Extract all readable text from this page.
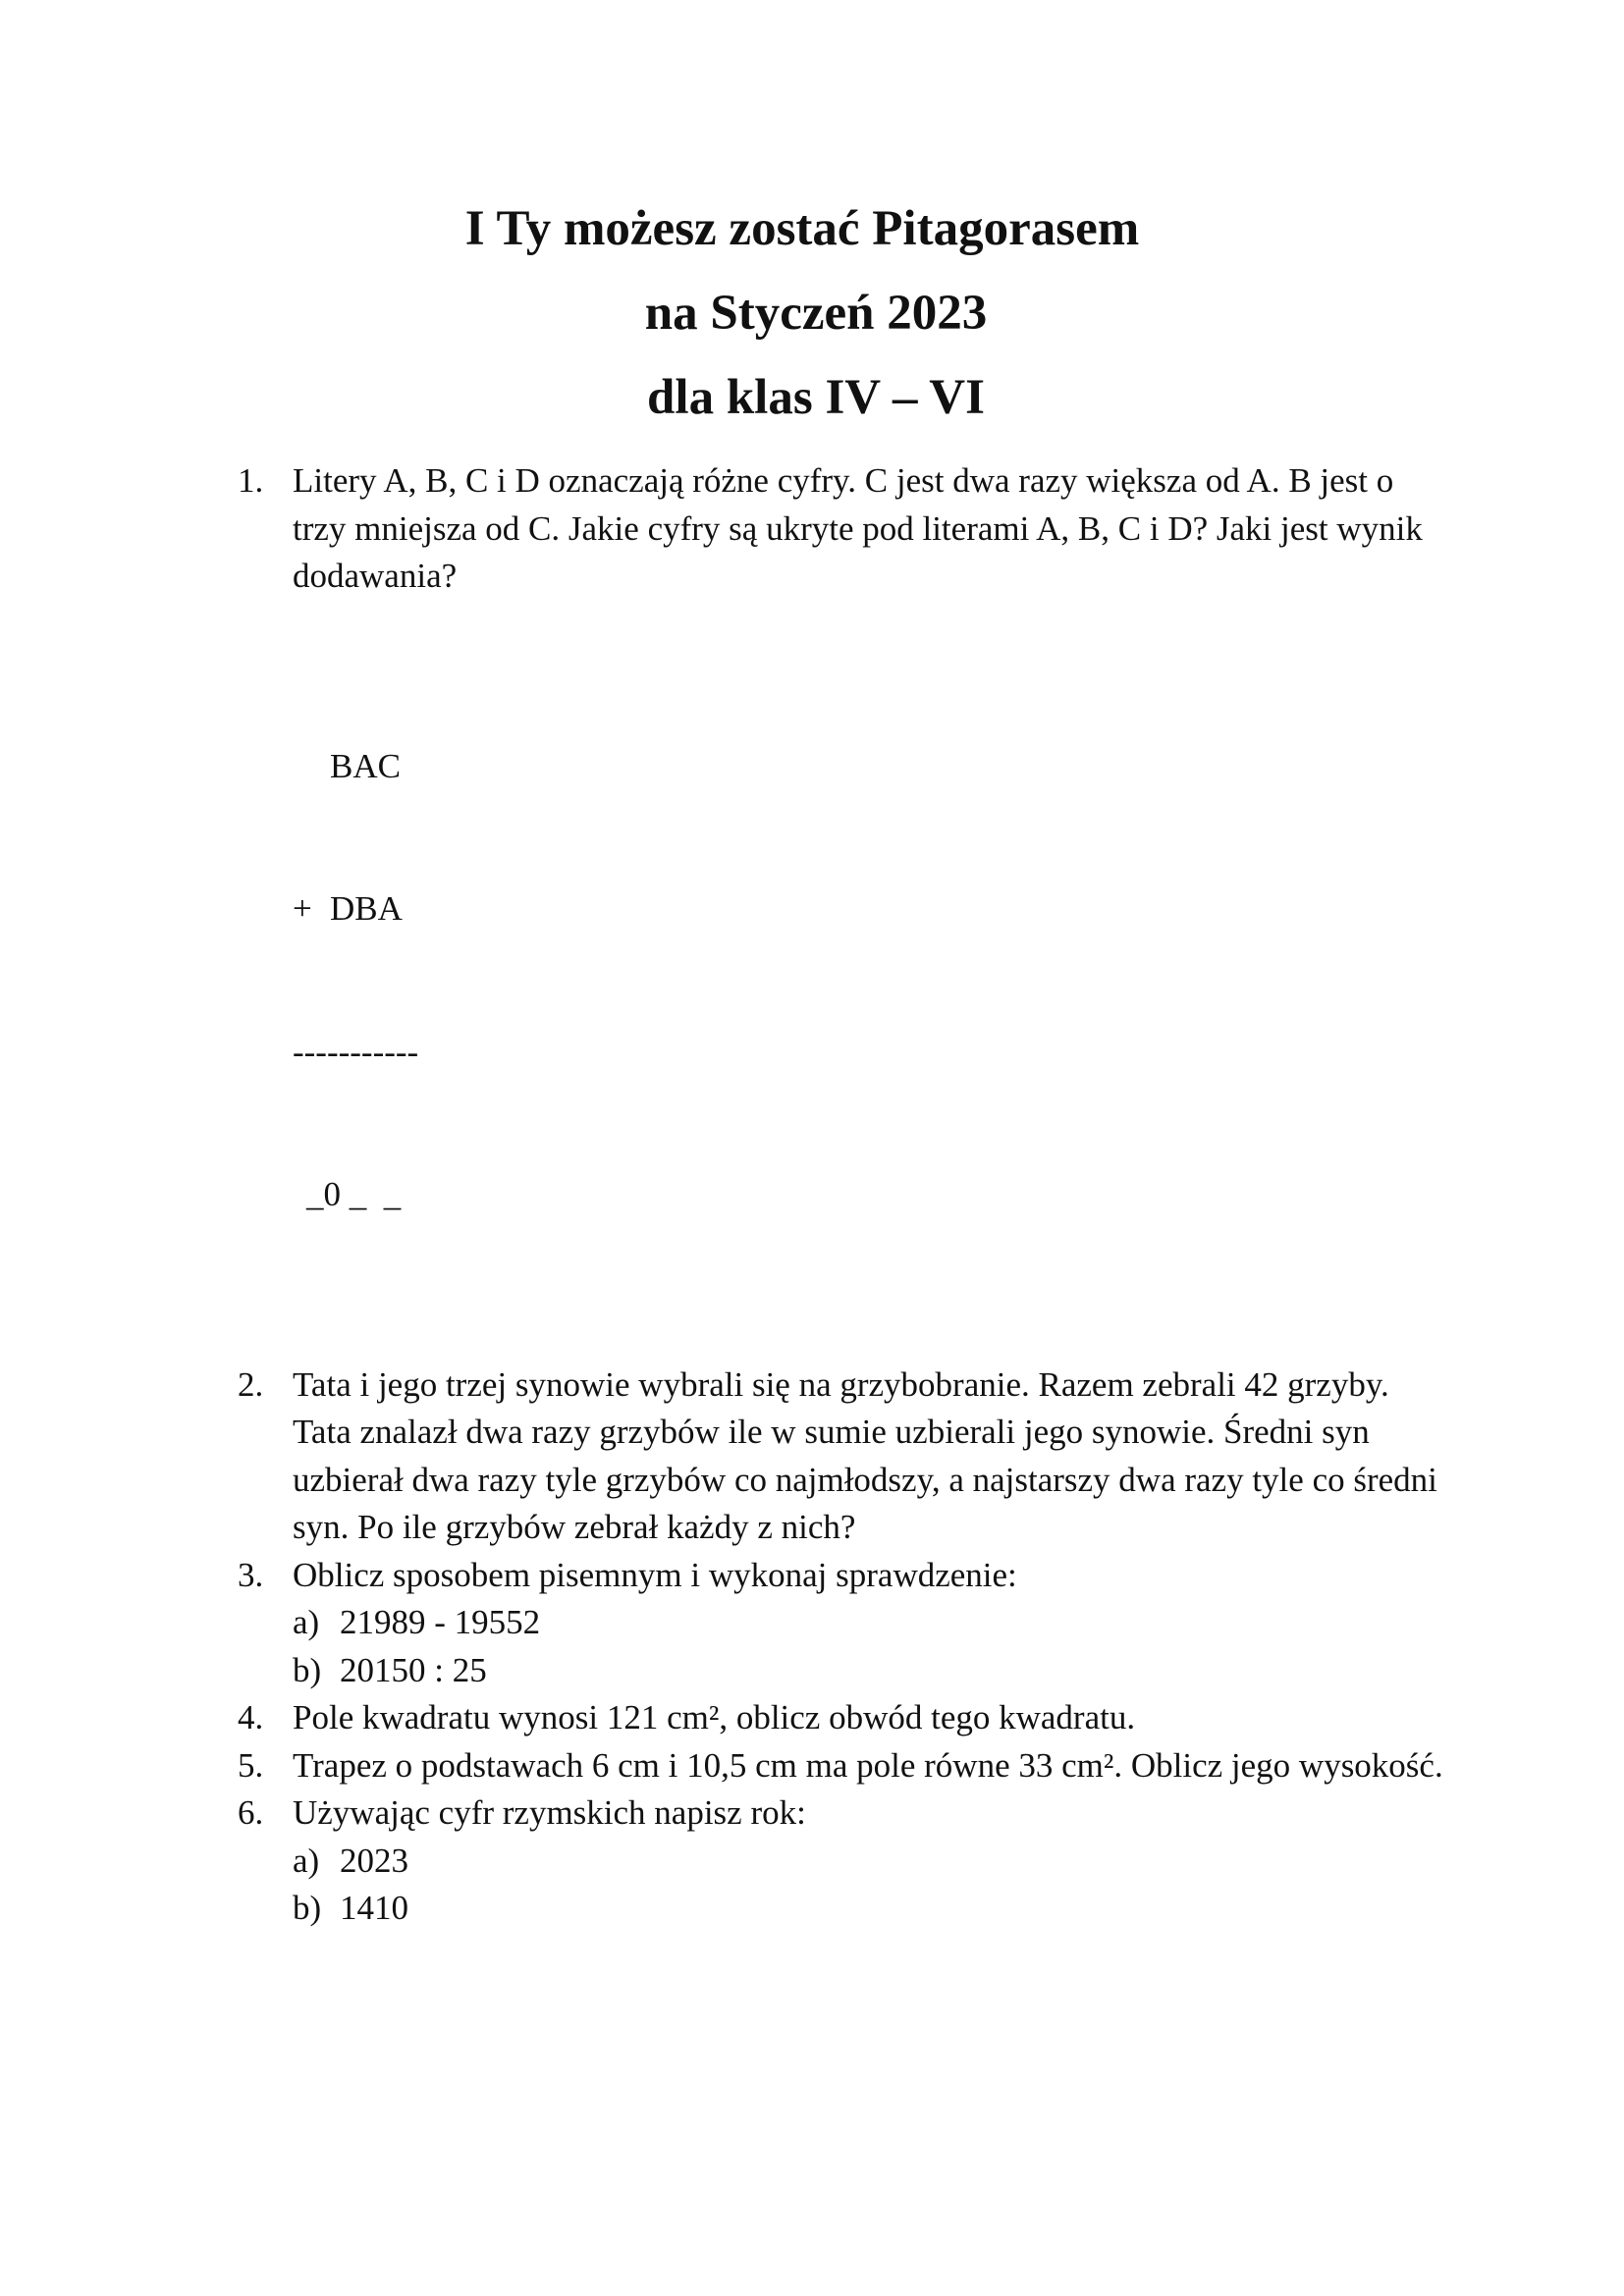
I Ty możesz zostać Pitagorasem
na Styczeń 2023
dla klas IV – VI
1. Litery A, B, C i D oznaczają różne cyfry. C jest dwa razy większa od A. B jest o trzy mniejsza od C. Jakie cyfry są ukryte pod literami A, B, C i D? Jaki jest wynik dodawania?

BAC

+ DBA

-----------

_0 _  _

2. Tata i jego trzej synowie wybrali się na grzybobranie. Razem zebrali 42 grzyby. Tata znalazł dwa razy grzybów ile w sumie uzbierali jego synowie. Średni syn uzbierał dwa razy tyle grzybów co najmłodszy, a najstarszy dwa razy tyle co średni syn. Po ile grzybów zebrał każdy z nich?

3. Oblicz sposobem pisemnym i wykonaj sprawdzenie:

a) 21989 - 19552
b) 20150 : 25
4. Pole kwadratu wynosi 121 cm², oblicz obwód tego kwadratu.

5. Trapez o podstawach 6 cm i 10,5 cm ma pole równe 33 cm². Oblicz jego wysokość.

6. Używając cyfr rzymskich napisz rok:

a) 2023
b) 1410
